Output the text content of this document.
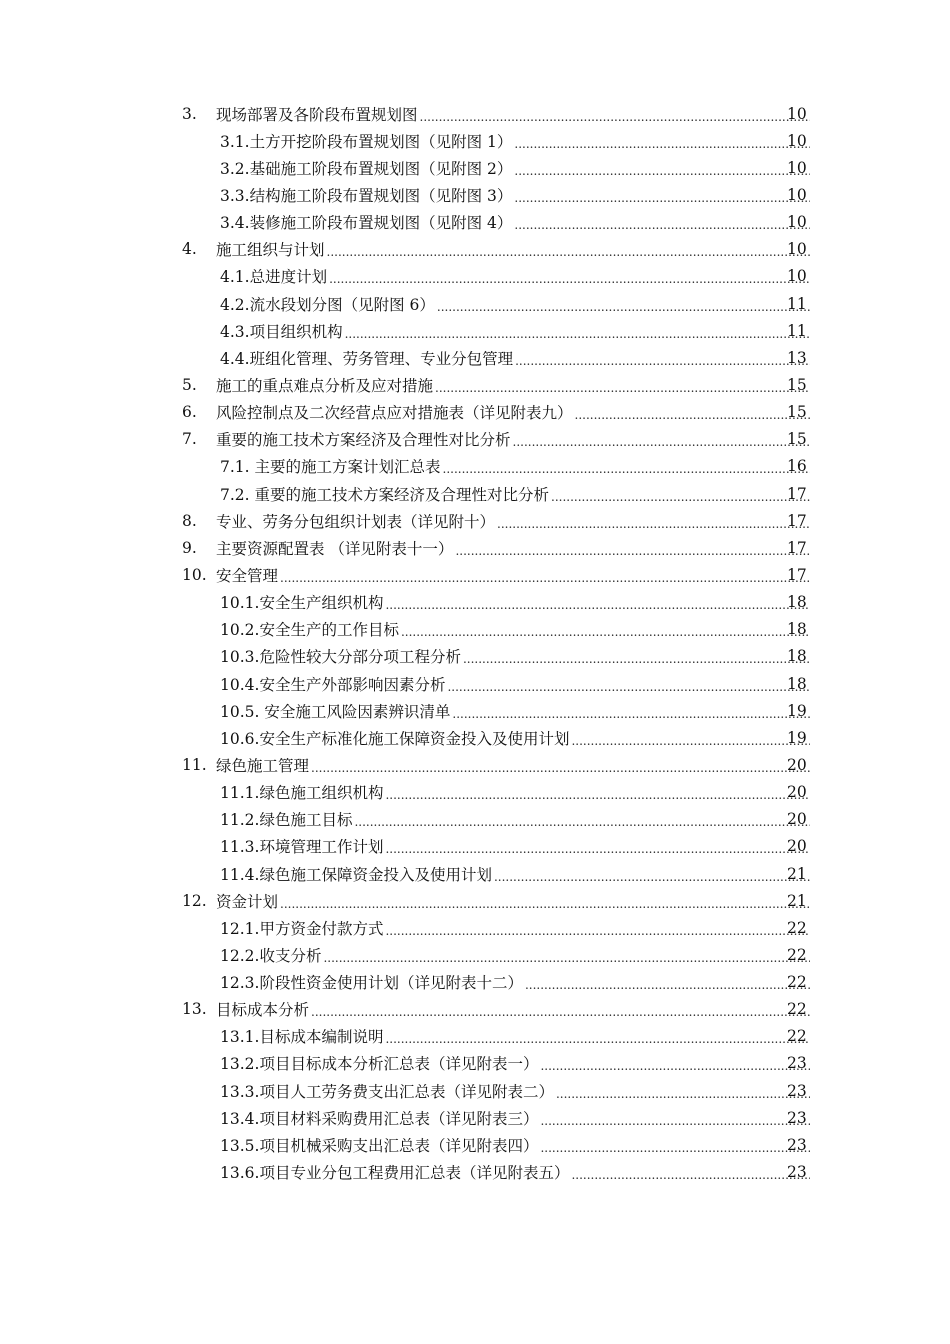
3. 现场部署及各阶段布置规划图 .....	10
3.1.土方开挖阶段布置规划图（见附图 1） .....	10
3.2.基础施工阶段布置规划图（见附图 2） .....	10
3.3.结构施工阶段布置规划图（见附图 3） .....	10
3.4.装修施工阶段布置规划图（见附图 4） .....	10
4. 施工组织与计划 .....	10
4.1.总进度计划 .....	10
4.2.流水段划分图（见附图 6） .....	11
4.3.项目组织机构 .....	11
4.4.班组化管理、劳务管理、专业分包管理 .....	13
5. 施工的重点难点分析及应对措施 .....	15
6. 风险控制点及二次经营点应对措施表（详见附表九） .....	15
7. 重要的施工技术方案经济及合理性对比分析 .....	15
7.1. 主要的施工方案计划汇总表 .....	16
7.2. 重要的施工技术方案经济及合理性对比分析 .....	17
8. 专业、劳务分包组织计划表（详见附十） .....	17
9. 主要资源配置表 （详见附表十一） .....	17
10. 安全管理 .....	17
10.1.安全生产组织机构 .....	18
10.2.安全生产的工作目标 .....	18
10.3.危险性较大分部分项工程分析 .....	18
10.4.安全生产外部影响因素分析 .....	18
10.5. 安全施工风险因素辨识清单 .....	19
10.6.安全生产标准化施工保障资金投入及使用计划 .....	19
11. 绿色施工管理 .....	20
11.1.绿色施工组织机构 .....	20
11.2.绿色施工目标 .....	20
11.3.环境管理工作计划 .....	20
11.4.绿色施工保障资金投入及使用计划 .....	21
12. 资金计划 .....	21
12.1.甲方资金付款方式 .....	22
12.2.收支分析 .....	22
12.3.阶段性资金使用计划（详见附表十二） .....	22
13. 目标成本分析 .....	22
13.1.目标成本编制说明 .....	22
13.2.项目目标成本分析汇总表（详见附表一） .....	23
13.3.项目人工劳务费支出汇总表（详见附表二） .....	23
13.4.项目材料采购费用汇总表（详见附表三） .....	23
13.5.项目机械采购支出汇总表（详见附表四） .....	23
13.6.项目专业分包工程费用汇总表（详见附表五） .....	23
